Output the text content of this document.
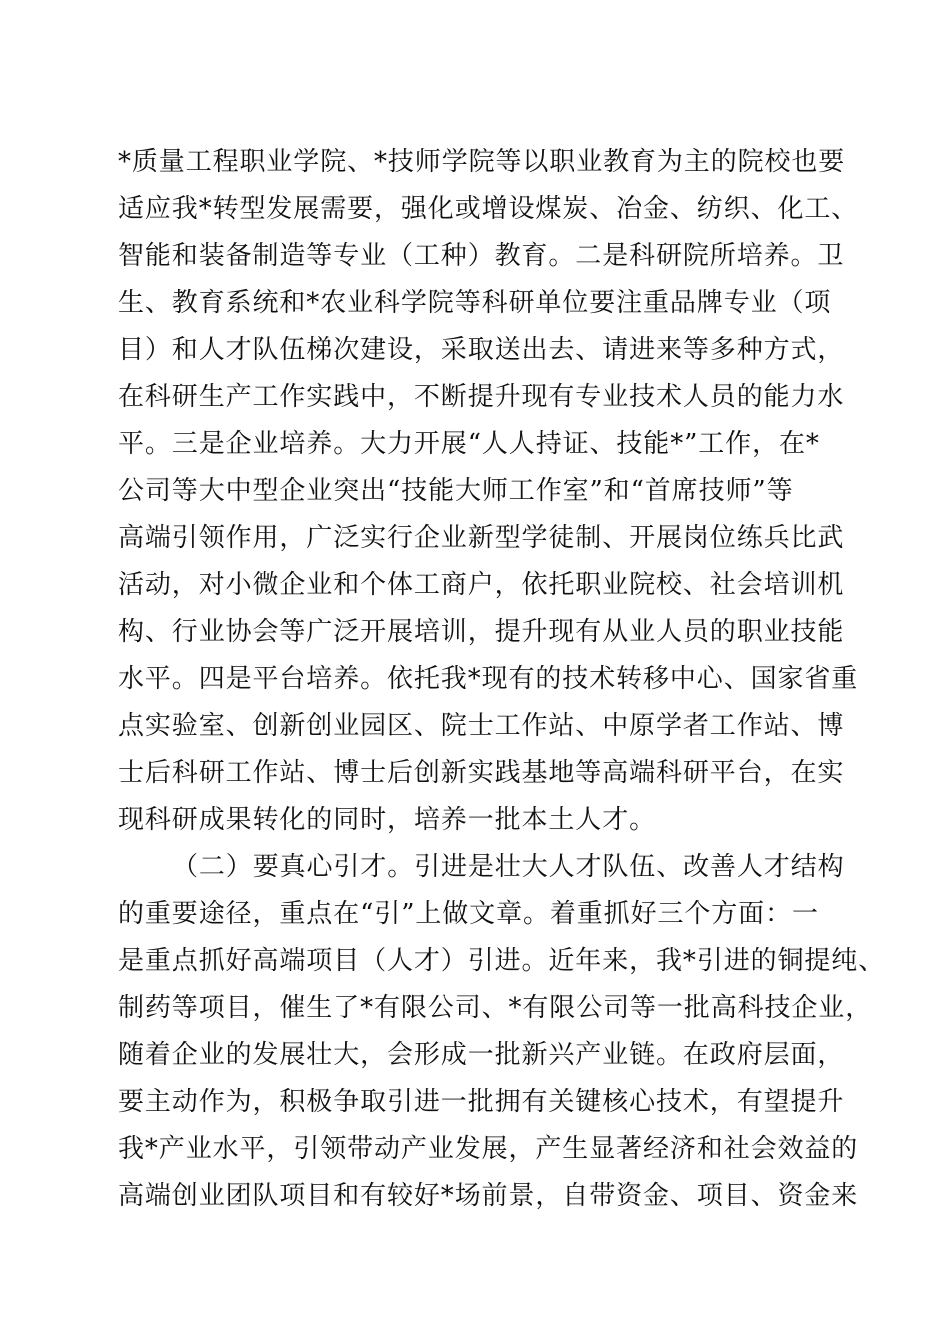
*质量工程职业学院、*技师学院等以职业教育为主的院校也要
适应我*转型发展需要，强化或增设煤炭、冶金、纺织、化工、
智能和装备制造等专业（工种）教育。二是科研院所培养。卫
生、教育系统和*农业科学院等科研单位要注重品牌专业（项
目）和人才队伍梯次建设，采取送出去、请进来等多种方式，
在科研生产工作实践中，不断提升现有专业技术人员的能力水
平。三是企业培养。大力开展“人人持证、技能*”工作，在*
公司等大中型企业突出“技能大师工作室”和“首席技师”等
高端引领作用，广泛实行企业新型学徒制、开展岗位练兵比武
活动，对小微企业和个体工商户，依托职业院校、社会培训机
构、行业协会等广泛开展培训，提升现有从业人员的职业技能
水平。四是平台培养。依托我*现有的技术转移中心、国家省重
点实验室、创新创业园区、院士工作站、中原学者工作站、博
士后科研工作站、博士后创新实践基地等高端科研平台，在实
现科研成果转化的同时，培养一批本土人才。
（二）要真心引才。引进是壮大人才队伍、改善人才结构
的重要途径，重点在“引”上做文章。着重抓好三个方面：一
是重点抓好高端项目（人才）引进。近年来，我*引进的铜提纯、
制药等项目，催生了*有限公司、*有限公司等一批高科技企业，
随着企业的发展壮大，会形成一批新兴产业链。在政府层面，
要主动作为，积极争取引进一批拥有关键核心技术，有望提升
我*产业水平，引领带动产业发展，产生显著经济和社会效益的
高端创业团队项目和有较好*场前景，自带资金、项目、资金来
